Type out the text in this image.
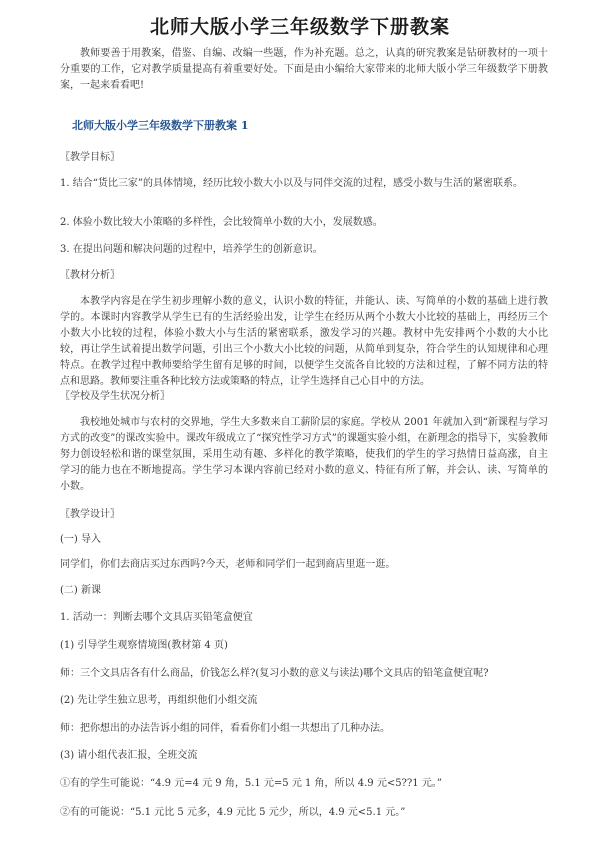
北师大版小学三年级数学下册教案
教师要善于用教案，借鉴、自编、改编一些题，作为补充题。总之，认真的研究教案是钻研教材的一项十分重要的工作，它对教学质量提高有着重要好处。下面是由小编给大家带来的北师大版小学三年级数学下册教案，一起来看看吧!
北师大版小学三年级数学下册教案 1
〖教学目标〗
1. 结合“货比三家”的具体情境，经历比较小数大小以及与同伴交流的过程，感受小数与生活的紧密联系。
2. 体验小数比较大小策略的多样性，会比较简单小数的大小，发展数感。
3. 在提出问题和解决问题的过程中，培养学生的创新意识。
〖教材分析〗
本教学内容是在学生初步理解小数的意义，认识小数的特征，并能认、读、写简单的小数的基础上进行教学的。本课时内容教学从学生已有的生活经验出发，让学生在经历从两个小数大小比较的基础上，再经历三个小数大小比较的过程，体验小数大小与生活的紧密联系，激发学习的兴趣。教材中先安排两个小数的大小比较，再让学生试着提出数学问题，引出三个小数大小比较的问题，从简单到复杂，符合学生的认知规律和心理特点。在教学过程中教师要给学生留有足够的时间，以便学生交流各自比较的方法和过程，了解不同方法的特点和思路。教师要注重各种比较方法或策略的特点，让学生选择自己心目中的方法。
〖学校及学生状况分析〗
我校地处城市与农村的交界地，学生大多数来自工薪阶层的家庭。学校从 2001 年就加入到“新课程与学习方式的改变”的课改实验中。课改年级成立了“探究性学习方式”的课题实验小组，在新理念的指导下，实验教师努力创设轻松和谐的课堂氛围，采用生动有趣、多样化的教学策略，使我们的学生的学习热情日益高涨，自主学习的能力也在不断地提高。学生学习本课内容前已经对小数的意义、特征有所了解，并会认、读、写简单的小数。
〖教学设计〗
(一) 导入
同学们，你们去商店买过东西吗?今天，老师和同学们一起到商店里逛一逛。
(二) 新课
1. 活动一：判断去哪个文具店买铅笔盒便宜
(1) 引导学生观察情境图(教材第 4 页)
师：三个文具店各有什么商品，价钱怎么样?(复习小数的意义与读法)哪个文具店的铅笔盒便宜呢?
(2) 先让学生独立思考，再组织他们小组交流
师：把你想出的办法告诉小组的同伴，看看你们小组一共想出了几种办法。
(3) 请小组代表汇报，全班交流
①有的学生可能说：“4.9 元=4 元 9 角，5.1 元=5 元 1 角，所以 4.9 元<5??1 元。”
②有的可能说：“5.1 元比 5 元多，4.9 元比 5 元少，所以，4.9 元<5.1 元。”
